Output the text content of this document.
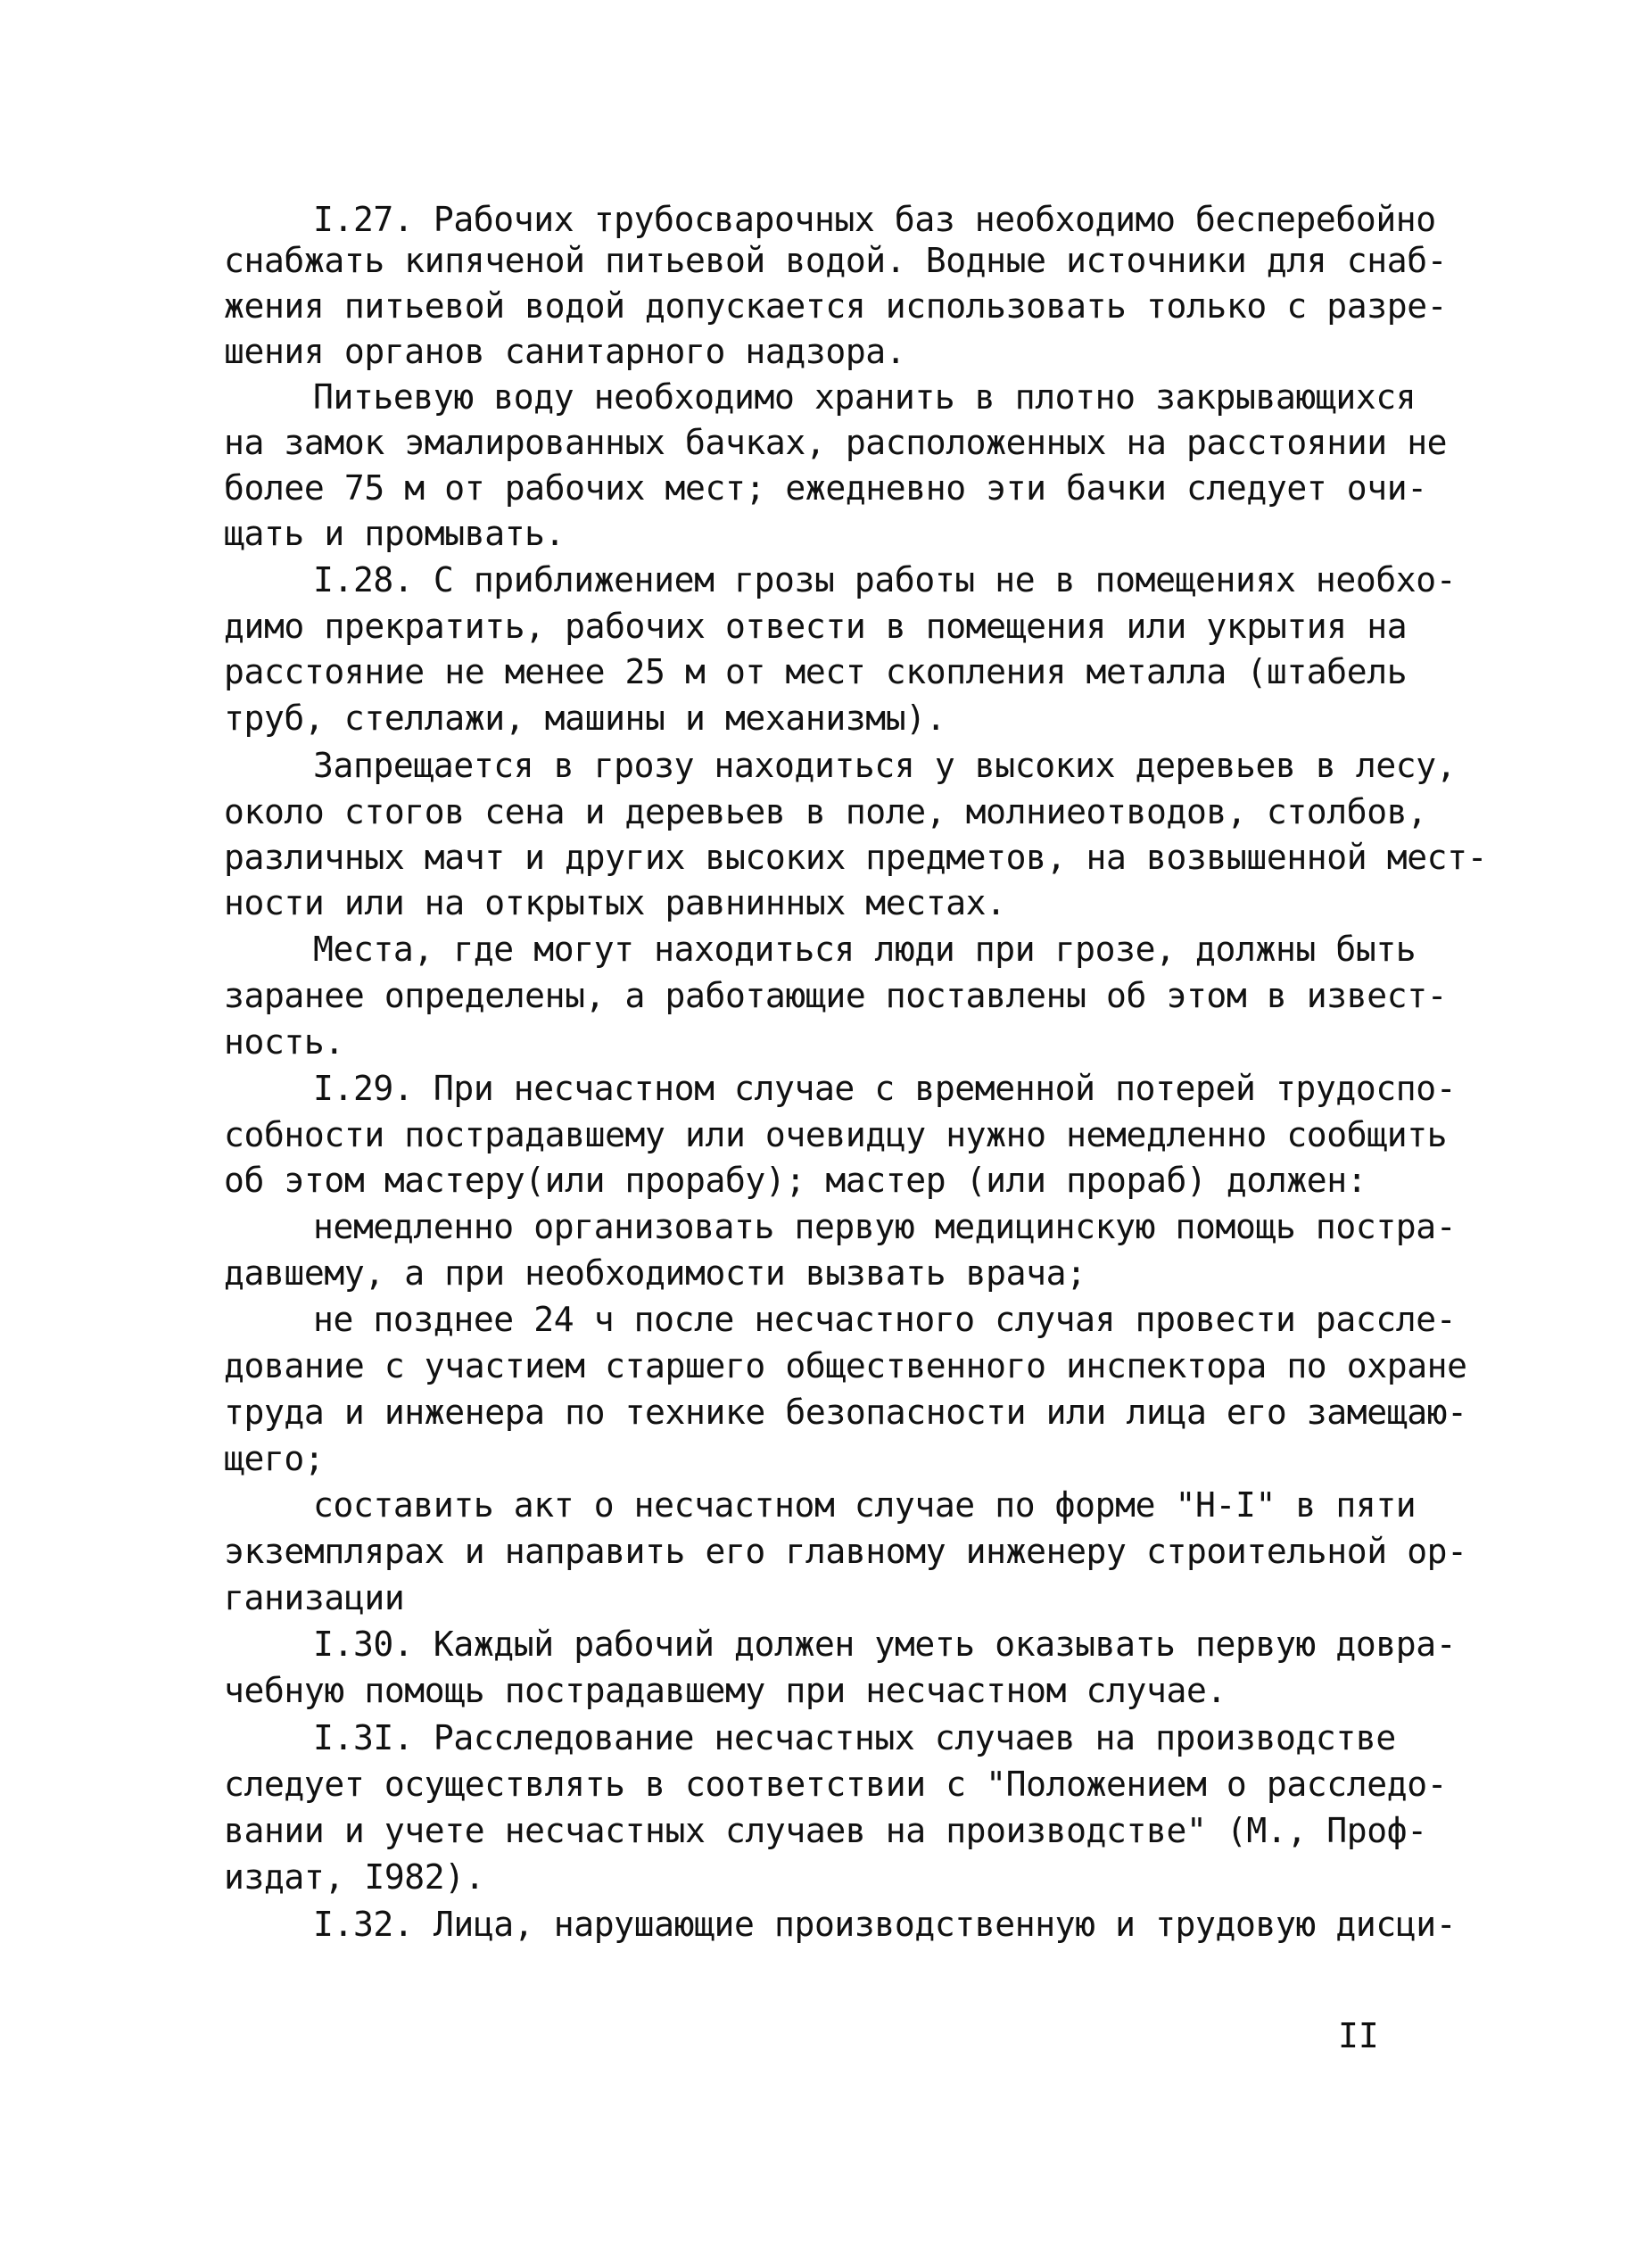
I.27. Рабочих трубосварочных баз необходимо бесперебойно

снабжать кипяченой питьевой водой. Водные источники для снаб-

жения питьевой водой допускается использовать только с разре-

шения органов санитарного надзора.

Питьевую воду необходимо хранить в плотно закрывающихся

на замок эмалированных бачках, расположенных на расстоянии не

более 75 м от рабочих мест; ежедневно эти бачки следует очи-

щать и промывать.

I.28. С приближением грозы работы не в помещениях необхо-

димо прекратить, рабочих отвести в помещения или укрытия на

расстояние не менее 25 м от мест скопления металла (штабель

труб, стеллажи, машины и механизмы).

Запрещается в грозу находиться у высоких деревьев в лесу,

около стогов сена и деревьев в поле, молниеотводов, столбов,

различных мачт и других высоких предметов, на возвышенной мест-

ности или на открытых равнинных местах.

Места, где могут находиться люди при грозе, должны быть

заранее определены, а работающие поставлены об этом в извест-

ность.

I.29. При несчастном случае с временной потерей трудоспо-

собности пострадавшему или очевидцу нужно немедленно сообщить

об этом мастеру(или прорабу); мастер (или прораб) должен:

немедленно организовать первую медицинскую помощь постра-

давшему, а при необходимости вызвать врача;

не позднее 24 ч после несчастного случая провести рассле-

дование с участием старшего общественного инспектора по охране

труда и инженера по технике безопасности или лица его замещаю-

щего;

составить акт о несчастном случае по форме "Н-I" в пяти

экземплярах и направить его главному инженеру строительной ор-

ганизации

I.30. Каждый рабочий должен уметь оказывать первую довра-

чебную помощь пострадавшему при несчастном случае.

I.3I. Расследование несчастных случаев на производстве

следует осуществлять в соответствии с "Положением о расследо-

вании и учете несчастных случаев на производстве" (М., Проф-

издат, I982).

I.32. Лица, нарушающие производственную и трудовую дисци-

II
